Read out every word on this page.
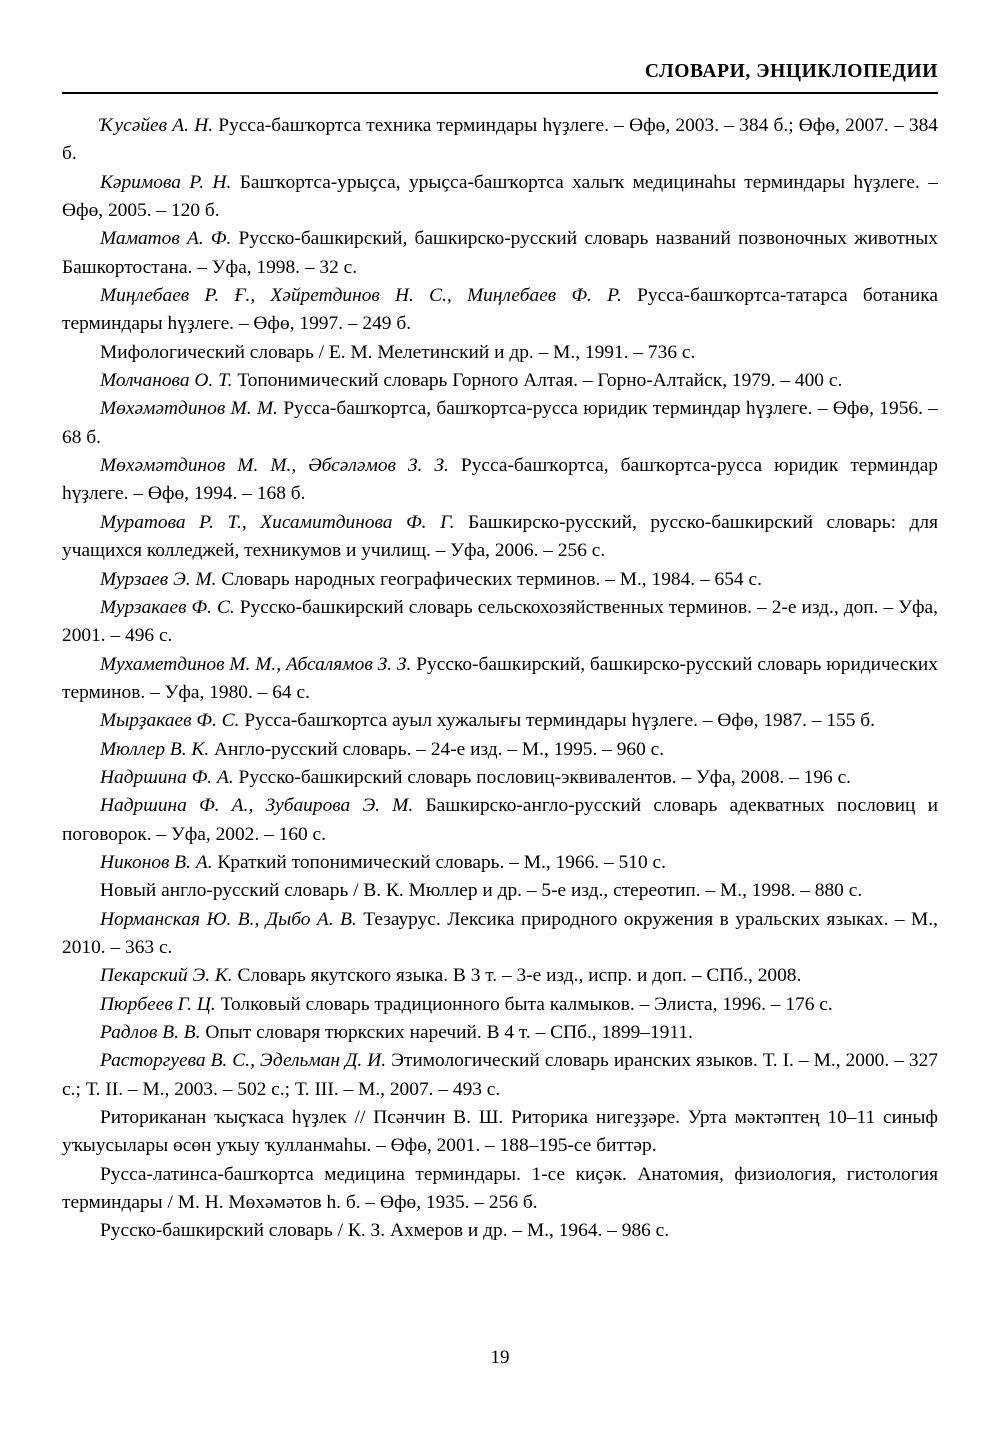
СЛОВАРИ, ЭНЦИКЛОПЕДИИ

Ҡусәйев А. Н. Русса-башҡортса техника терминдары һүҙлеге. – Өфө, 2003. – 384 б.; Өфө, 2007. – 384 б.

Кәримова Р. Н. Башҡортса-урыҫса, урыҫса-башҡортса халыҡ медицинаһы терминдары һүҙлеге. – Өфө, 2005. – 120 б.

Маматов А. Ф. Русско-башкирский, башкирско-русский словарь названий позвоночных животных Башкортостана. – Уфа, 1998. – 32 с.

Миңлебаев Р. Ғ., Хәйретдинов Н. С., Миңлебаев Ф. Р. Русса-башҡортса-татарса ботаника терминдары һүҙлеге. – Өфө, 1997. – 249 б.

Мифологический словарь / Е. М. Мелетинский и др. – М., 1991. – 736 с.

Молчанова О. Т. Топонимический словарь Горного Алтая. – Горно-Алтайск, 1979. – 400 с.

Мөхәмәтдинов М. М. Русса-башҡортса, башҡортса-русса юридик терминдар һүҙлеге. – Өфө, 1956. – 68 б.

Мөхәмәтдинов М. М., Әбсәләмов З. З. Русса-башҡортса, башҡортса-русса юридик терминдар һүҙлеге. – Өфө, 1994. – 168 б.

Муратова Р. Т., Хисамитдинова Ф. Г. Башкирско-русский, русско-башкирский словарь: для учащихся колледжей, техникумов и училищ. – Уфа, 2006. – 256 с.

Мурзаев Э. М. Словарь народных географических терминов. – М., 1984. – 654 с.

Мурзакаев Ф. С. Русско-башкирский словарь сельскохозяйственных терминов. – 2-е изд., доп. – Уфа, 2001. – 496 с.

Мухаметдинов М. М., Абсалямов З. З. Русско-башкирский, башкирско-русский словарь юридических терминов. – Уфа, 1980. – 64 с.

Мырҙакаев Ф. С. Русса-башҡортса ауыл хужалығы терминдары һүҙлеге. – Өфө, 1987. – 155 б.

Мюллер В. К. Англо-русский словарь. – 24-е изд. – М., 1995. – 960 с.

Надршина Ф. А. Русско-башкирский словарь пословиц-эквивалентов. – Уфа, 2008. – 196 с.

Надршина Ф. А., Зубаирова Э. М. Башкирско-англо-русский словарь адекватных пословиц и поговорок. – Уфа, 2002. – 160 с.

Никонов В. А. Краткий топонимический словарь. – М., 1966. – 510 с.

Новый англо-русский словарь / В. К. Мюллер и др. – 5-е изд., стереотип. – М., 1998. – 880 с.

Норманская Ю. В., Дыбо А. В. Тезаурус. Лексика природного окружения в уральских языках. – М., 2010. – 363 с.

Пекарский Э. К. Словарь якутского языка. В 3 т. – 3-е изд., испр. и доп. – СПб., 2008.

Пюрбеев Г. Ц. Толковый словарь традиционного быта калмыков. – Элиста, 1996. – 176 с.

Радлов В. В. Опыт словаря тюркских наречий. В 4 т. – СПб., 1899–1911.

Расторгуева В. С., Эдельман Д. И. Этимологический словарь иранских языков. Т. I. – М., 2000. – 327 с.; Т. II. – М., 2003. – 502 с.; Т. III. – М., 2007. – 493 с.

Риториканан ҡыҫҡаса һүҙлек // Псәнчин В. Ш. Риторика нигеҙҙәре. Урта мәктәптең 10–11 синыф уҡыусылары өсөн уҡыу ҡулланмаһы. – Өфө, 2001. – 188–195-се биттәр.

Русса-латинса-башҡортса медицина терминдары. 1-се киҫәк. Анатомия, физиология, гистология терминдары / М. Н. Мөхәмәтов һ. б. – Өфө, 1935. – 256 б.

Русско-башкирский словарь / К. З. Ахмеров и др. – М., 1964. – 986 с.

19
